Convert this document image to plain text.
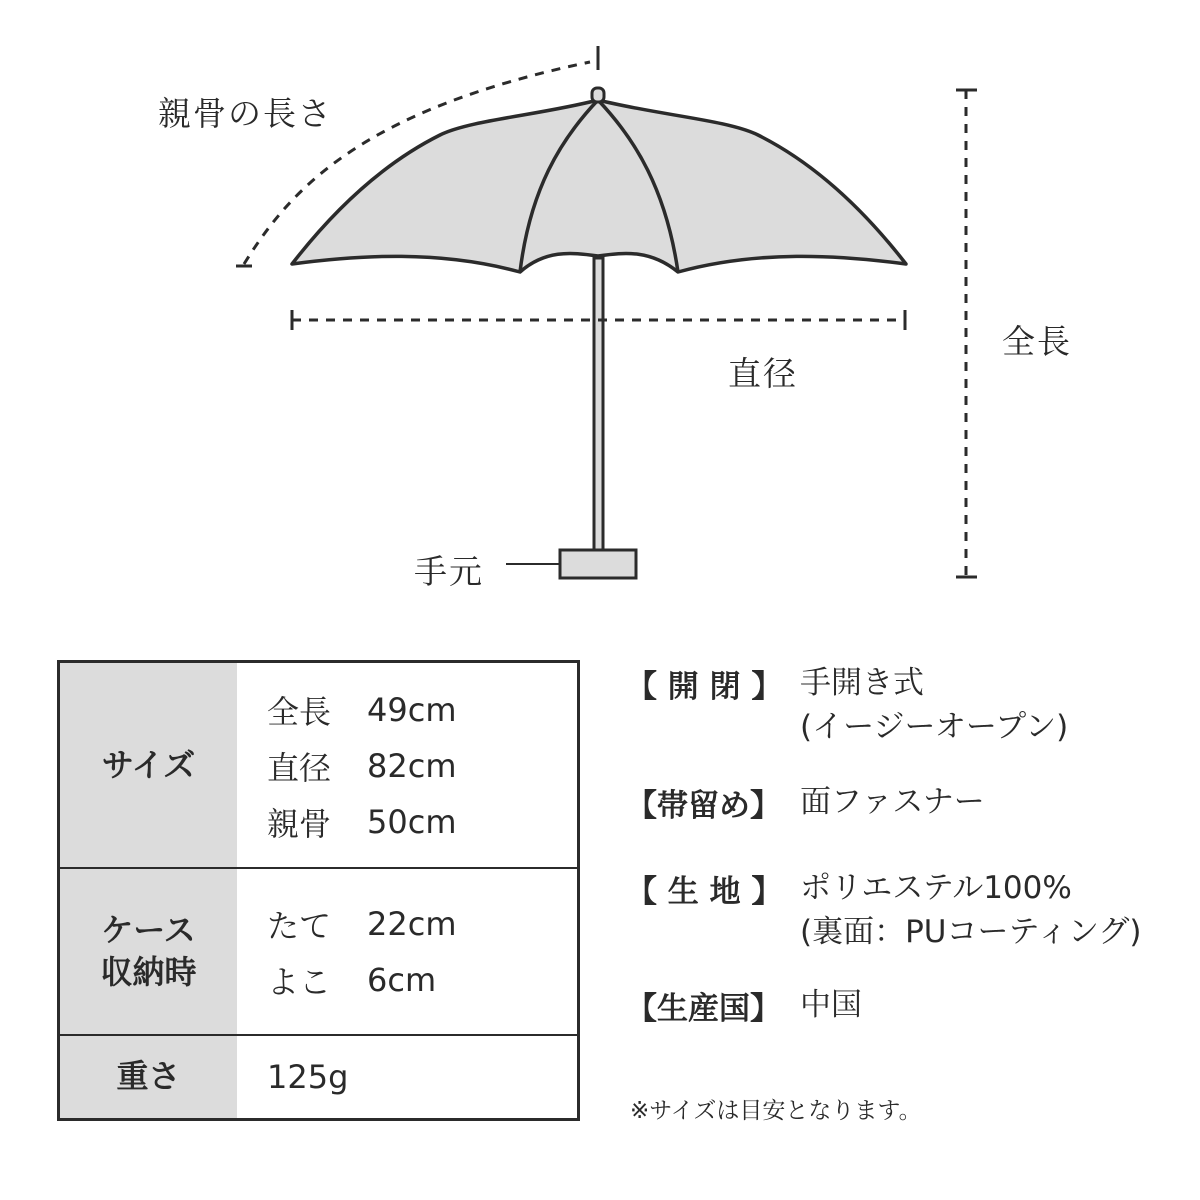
親骨の長さ
全長
直径
手元
サイズ
全長	49cm
直径	82cm
親骨	50cm
ケース
収納時
たて	22cm
よこ	6cm
重さ	125g
【 開 閉 】 手開き式
(イージーオープン)
【帯留め】 面ファスナー
【 生 地 】 ポリエステル100%
(裏面：PUコーティング)
【生産国】 中国
※サイズは目安となります。
